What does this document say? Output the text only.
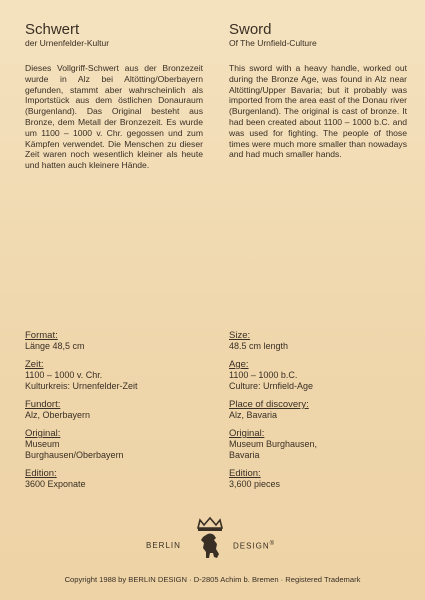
Schwert
der Urnenfelder-Kultur

Dieses Vollgriff-Schwert aus der Bronzezeit wurde in Alz bei Altötting/Oberbayern gefunden, stammt aber wahrscheinlich als Importstück aus dem östlichen Donauraum (Burgenland). Das Original besteht aus Bronze, dem Metall der Bronzezeit. Es wurde um 1100 – 1000 v. Chr. gegossen und zum Kämpfen verwendet. Die Menschen zu dieser Zeit waren noch wesentlich kleiner als heute und hatten auch kleinere Hände.

Sword
Of The Urnfield-Culture

This sword with a heavy handle, worked out during the Bronze Age, was found in Alz near Altötting/Upper Bavaria; but it probably was imported from the area east of the Donau river (Burgenland). The original is cast of bronze. It had been created about 1100 – 1000 b.C. and was used for fighting. The people of those times were much more smaller than nowadays and had much smaller hands.

Format:
Länge 48,5 cm
Zeit:
1100 – 1000 v. Chr.
Kulturkreis: Urnenfelder-Zeit
Fundort:
Alz, Oberbayern
Original:
Museum
Burghausen/Oberbayern
Edition:
3600 Exponate
Size:
48.5 cm length
Age:
1100 – 1000 b.C.
Culture: Urnfield-Age
Place of discovery:
Alz, Bavaria
Original:
Museum Burghausen,
Bavaria
Edition:
3,600 pieces
BERLIN	DESIGN®
Copyright 1988 by BERLIN DESIGN · D-2805 Achim b. Bremen · Registered Trademark
